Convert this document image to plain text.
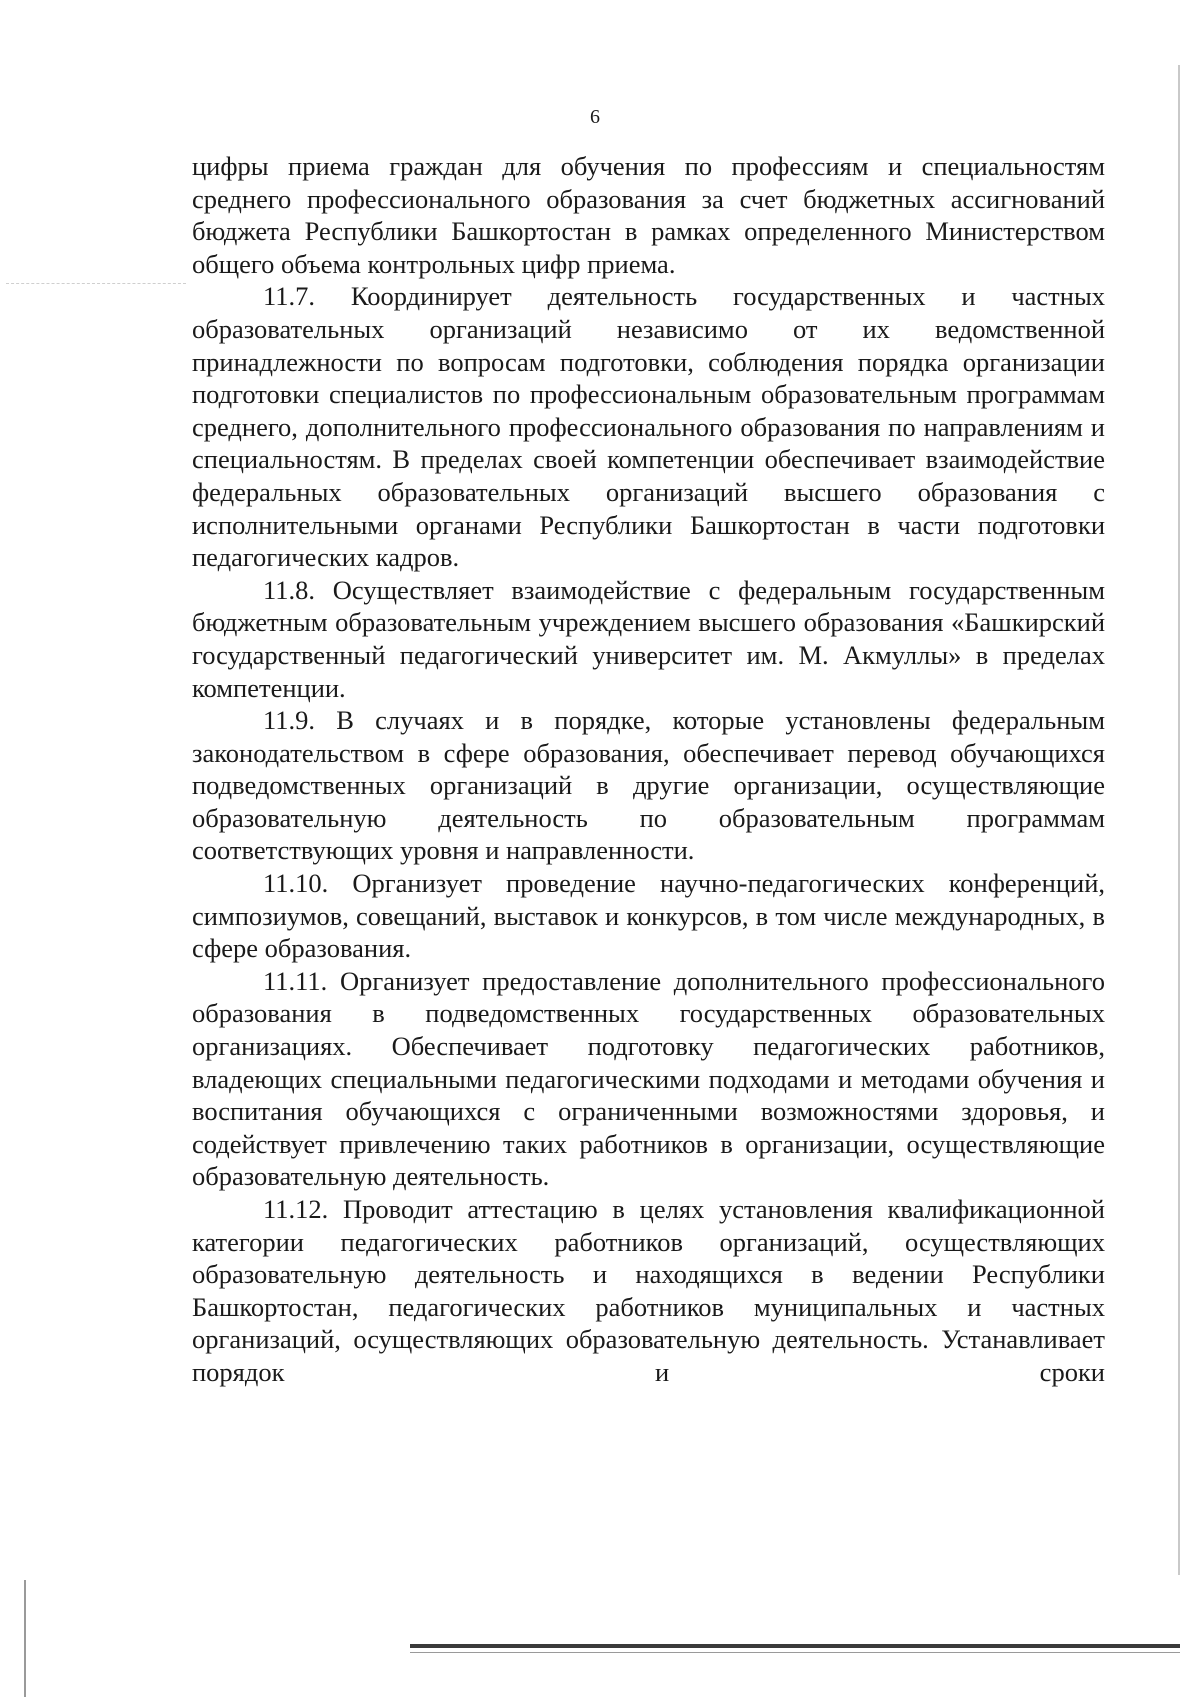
6

цифры приема граждан для обучения по профессиям и специальностям среднего профессионального образования за счет бюджетных ассигнований бюджета Республики Башкортостан в рамках определенного Министерством общего объема контрольных цифр приема.

11.7. Координирует деятельность государственных и частных образовательных организаций независимо от их ведомственной принадлежности по вопросам подготовки, соблюдения порядка организации подготовки специалистов по профессиональным образовательным программам среднего, дополнительного профессионального образования по направлениям и специальностям. В пределах своей компетенции обеспечивает взаимодействие федеральных образовательных организаций высшего образования с исполнительными органами Республики Башкортостан в части подготовки педагогических кадров.

11.8. Осуществляет взаимодействие с федеральным государственным бюджетным образовательным учреждением высшего образования «Башкирский государственный педагогический университет им. М. Акмуллы» в пределах компетенции.

11.9. В случаях и в порядке, которые установлены федеральным законодательством в сфере образования, обеспечивает перевод обучающихся подведомственных организаций в другие организации, осуществляющие образовательную деятельность по образовательным программам соответствующих уровня и направленности.

11.10. Организует проведение научно-педагогических конференций, симпозиумов, совещаний, выставок и конкурсов, в том числе международных, в сфере образования.

11.11. Организует предоставление дополнительного профессионального образования в подведомственных государственных образовательных организациях. Обеспечивает подготовку педагогических работников, владеющих специальными педагогическими подходами и методами обучения и воспитания обучающихся с ограниченными возможностями здоровья, и содействует привлечению таких работников в организации, осуществляющие образовательную деятельность.

11.12. Проводит аттестацию в целях установления квалификационной категории педагогических работников организаций, осуществляющих образовательную деятельность и находящихся в ведении Республики Башкортостан, педагогических работников муниципальных и частных организаций, осуществляющих образовательную деятельность. Устанавливает порядок и сроки
